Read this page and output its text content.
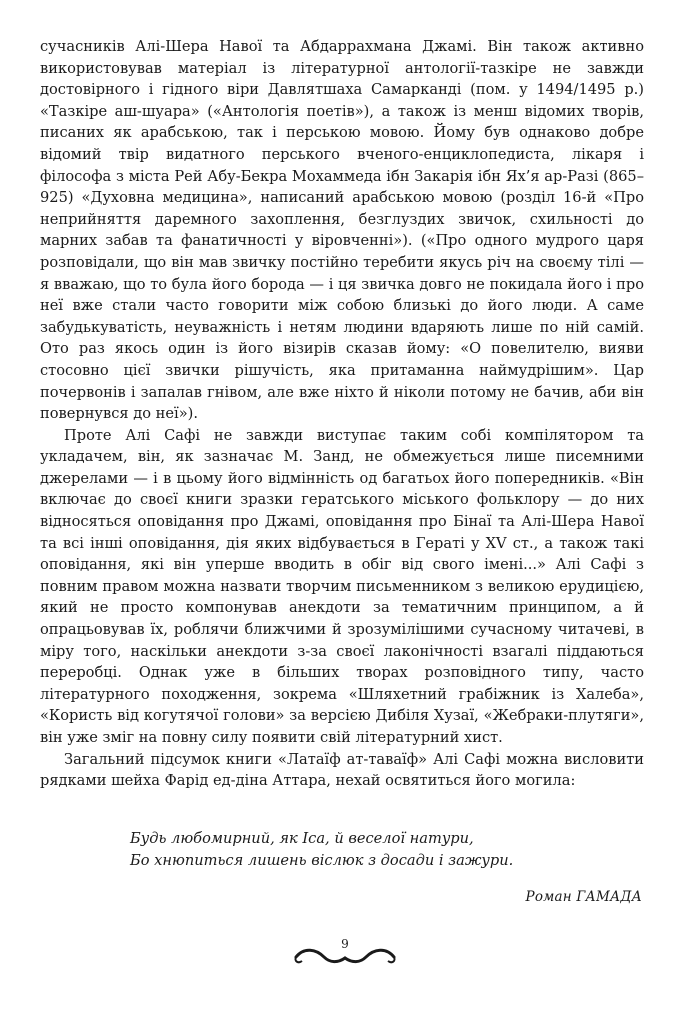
сучасників Алі-Шера Навої та Абдаррахмана Джамі. Він також активно використовував матеріал із літературної антології-тазкіре не завжди достовірного і гідного віри Давлятшаха Самарканді (пом. у 1494/1495 р.) «Тазкіре аш-шуара» («Антологія поетів»), а також із менш відомих творів, писаних як арабською, так і перською мовою. Йому був однаково добре відомий твір видатного перського вченого-енциклопедиста, лікаря і філософа з міста Рей Абу-Бекра Мохаммеда ібн Закарія ібн Ях’я ар-Разі (865–925) «Духовна медицина», написаний арабською мовою (розділ 16-й «Про неприйняття даремного захоплення, безглуздих звичок, схильності до марних забав та фанатичності у віровченні»). («Про одного мудрого царя розповідали, що він мав звичку постійно теребити якусь річ на своєму тілі — я вважаю, що то була його борода — і ця звичка довго не покидала його і про неї вже стали часто говорити між собою близькі до його люди. А саме забудькуватість, неуважність і нетям людини вдаряють лише по ній самій. Ото раз якось один із його візирів сказав йому: «О повелителю, вияви стосовно цієї звички рішучість, яка притаманна наймудрішим». Цар почервонів і запалав гнівом, але вже ніхто й ніколи потому не бачив, аби він повернувся до неї»).

Проте Алі Сафі не завжди виступає таким собі компілятором та укладачем, він, як зазначає М. Занд, не обмежується лише писемними джерелами — і в цьому його відмінність од багатьох його попередників. «Він включає до своєї книги зразки гератського міського фольклору — до них відносяться оповідання про Джамі, оповідання про Бінаї та Алі-Шера Навої та всі інші оповідання, дія яких відбувається в Гераті у XV ст., а також такі оповідання, які він уперше вводить в обіг від свого імені...» Алі Сафі з повним правом можна назвати творчим письменником з великою ерудицією, який не просто компонував анекдоти за тематичним принципом, а й опрацьовував їх, роблячи ближчими й зрозумілішими сучасному читачеві, в міру того, наскільки анекдоти з-за своєї лаконічності взагалі піддаються переробці. Однак уже в більших творах розповідного типу, часто літературного походження, зокрема «Шляхетний грабіжник із Халеба», «Користь від когутячої голови» за версією Дибіля Хузаї, «Жебраки-плутяги», він уже зміг на повну силу появити свій літературний хист.

Загальний підсумок книги «Латаїф ат-таваїф» Алі Сафі можна висловити рядками шейха Фарід ед-діна Аттара, нехай освятиться його могила:

Будь любомирний, як Іса, й веселої натури,
Бо хнюпиться лишень віслюк з досади і зажури.
Роман ГАМАДА
9
